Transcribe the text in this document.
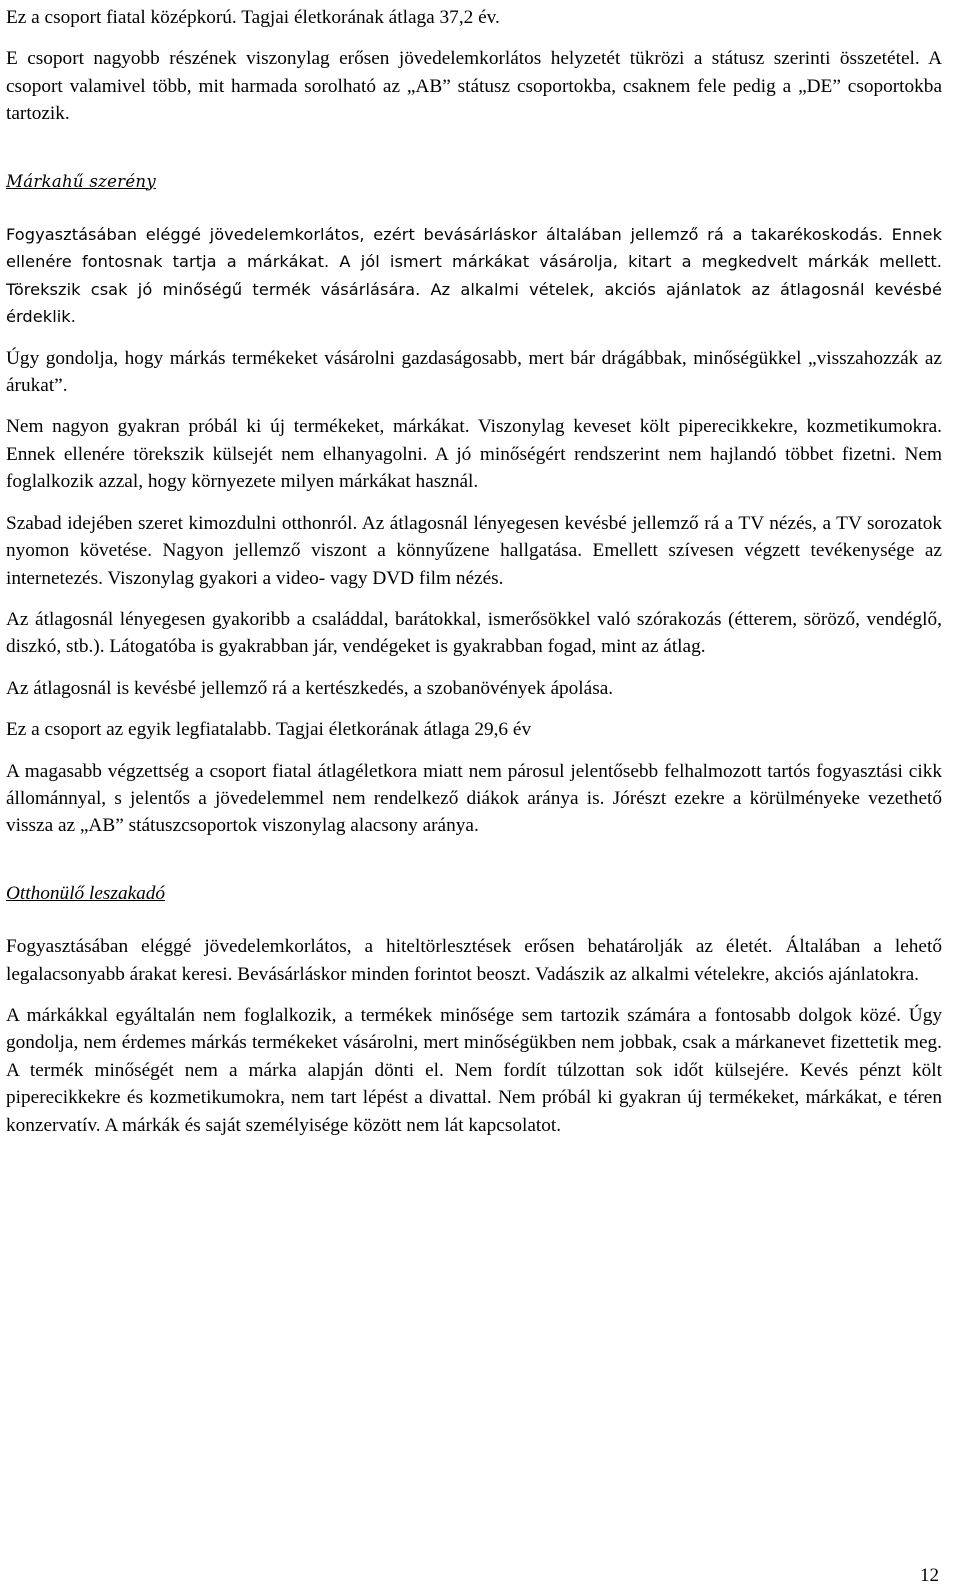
Ez a csoport fiatal középkorú. Tagjai életkorának átlaga 37,2 év.

E csoport nagyobb részének viszonylag erősen jövedelemkorlátos helyzetét tükrözi a státusz szerinti összetétel. A csoport valamivel több, mit harmada sorolható az „AB” státusz csoportokba, csaknem fele pedig a „DE” csoportokba tartozik.

Márkahű szerény

Fogyasztásában eléggé jövedelemkorlátos, ezért bevásárláskor általában jellemző rá a takarékoskodás. Ennek ellenére fontosnak tartja a márkákat. A jól ismert márkákat vásárolja, kitart a megkedvelt márkák mellett. Törekszik csak jó minőségű termék vásárlására. Az alkalmi vételek, akciós ajánlatok az átlagosnál kevésbé érdeklik.

Úgy gondolja, hogy márkás termékeket vásárolni gazdaságosabb, mert bár drágábbak, minőségükkel „visszahozzák az árukat”.

Nem nagyon gyakran próbál ki új termékeket, márkákat. Viszonylag keveset költ piperecikkekre, kozmetikumokra. Ennek ellenére törekszik külsejét nem elhanyagolni. A jó minőségért rendszerint nem hajlandó többet fizetni. Nem foglalkozik azzal, hogy környezete milyen márkákat használ.

Szabad idejében szeret kimozdulni otthonról. Az átlagosnál lényegesen kevésbé jellemző rá a TV nézés, a TV sorozatok nyomon követése. Nagyon jellemző viszont a könnyűzene hallgatása. Emellett szívesen végzett tevékenysége az internetezés. Viszonylag gyakori a video- vagy DVD film nézés.

Az átlagosnál lényegesen gyakoribb a családdal, barátokkal, ismerősökkel való szórakozás (étterem, söröző, vendéglő, diszkó, stb.). Látogatóba is gyakrabban jár, vendégeket is gyakrabban fogad, mint az átlag.

Az átlagosnál is kevésbé jellemző rá a kertészkedés, a szobanövények ápolása.

Ez a csoport az egyik legfiatalabb. Tagjai életkorának átlaga 29,6 év

A magasabb végzettség a csoport fiatal átlagéletkora miatt nem párosul jelentősebb felhalmozott tartós fogyasztási cikk állománnyal, s jelentős a jövedelemmel nem rendelkező diákok aránya is. Jórészt ezekre a körülményeke vezethető vissza az „AB” státuszcsoportok viszonylag alacsony aránya.

Otthonülő leszakadó

Fogyasztásában eléggé jövedelemkorlátos, a hiteltörlesztések erősen behatárolják az életét. Általában a lehető legalacsonyabb árakat keresi. Bevásárláskor minden forintot beoszt. Vadászik az alkalmi vételekre, akciós ajánlatokra.

A márkákkal egyáltalán nem foglalkozik, a termékek minősége sem tartozik számára a fontosabb dolgok közé. Úgy gondolja, nem érdemes márkás termékeket vásárolni, mert minőségükben nem jobbak, csak a márkanevet fizettetik meg. A termék minőségét nem a márka alapján dönti el. Nem fordít túlzottan sok időt külsejére. Kevés pénzt költ piperecikkekre és kozmetikumokra, nem tart lépést a divattal. Nem próbál ki gyakran új termékeket, márkákat, e téren konzervatív. A márkák és saját személyisége között nem lát kapcsolatot.

12
